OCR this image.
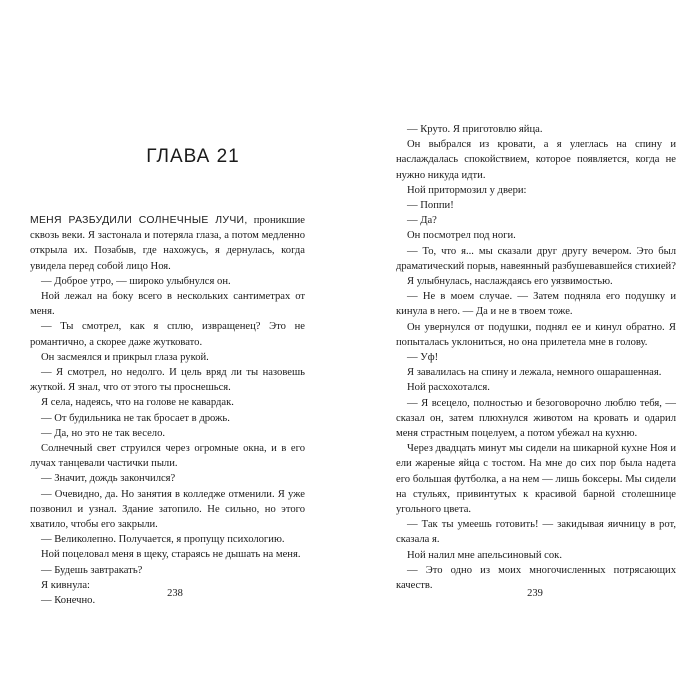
ГЛАВА 21

МЕНЯ РАЗБУДИЛИ СОЛНЕЧНЫЕ ЛУЧИ, проникшие сквозь веки. Я застонала и потеряла глаза, а потом медленно открыла их. Позабыв, где нахожусь, я дернулась, когда увидела перед собой лицо Ноя.

— Доброе утро, — широко улыбнулся он.

Ной лежал на боку всего в нескольких сантиметрах от меня.

— Ты смотрел, как я сплю, извращенец? Это не романтично, а скорее даже жутковато.

Он засмеялся и прикрыл глаза рукой.

— Я смотрел, но недолго. И цель вряд ли ты назовешь жуткой. Я знал, что от этого ты проснешься.

Я села, надеясь, что на голове не кавардак.

— От будильника не так бросает в дрожь.

— Да, но это не так весело.

Солнечный свет струился через огромные окна, и в его лучах танцевали частички пыли.

— Значит, дождь закончился?

— Очевидно, да. Но занятия в колледже отменили. Я уже позвонил и узнал. Здание затопило. Не сильно, но этого хватило, чтобы его закрыли.

— Великолепно. Получается, я пропущу психологию.

Ной поцеловал меня в щеку, стараясь не дышать на меня.

— Будешь завтракать?

Я кивнула:

— Конечно.

238

— Круто. Я приготовлю яйца.

Он выбрался из кровати, а я улеглась на спину и наслаждалась спокойствием, которое появляется, когда не нужно никуда идти.

Ной притормозил у двери:

— Поппи!

— Да?

Он посмотрел под ноги.

— То, что я... мы сказали друг другу вечером. Это был драматический порыв, навеянный разбушевавшейся стихией?

Я улыбнулась, наслаждаясь его уязвимостью.

— Не в моем случае. — Затем подняла его подушку и кинула в него. — Да и не в твоем тоже.

Он увернулся от подушки, поднял ее и кинул обратно. Я попыталась уклониться, но она прилетела мне в голову.

— Уф!

Я завалилась на спину и лежала, немного ошарашенная.

Ной расхохотался.

— Я всецело, полностью и безоговорочно люблю тебя, — сказал он, затем плюхнулся животом на кровать и одарил меня страстным поцелуем, а потом убежал на кухню.

Через двадцать минут мы сидели на шикарной кухне Ноя и ели жареные яйца с тостом. На мне до сих пор была надета его большая футболка, а на нем — лишь боксеры. Мы сидели на стульях, привинтутых к красивой барной столешнице угольного цвета.

— Так ты умеешь готовить! — закидывая яичницу в рот, сказала я.

Ной налил мне апельсиновый сок.

— Это одно из моих многочисленных потрясающих качеств.

239
